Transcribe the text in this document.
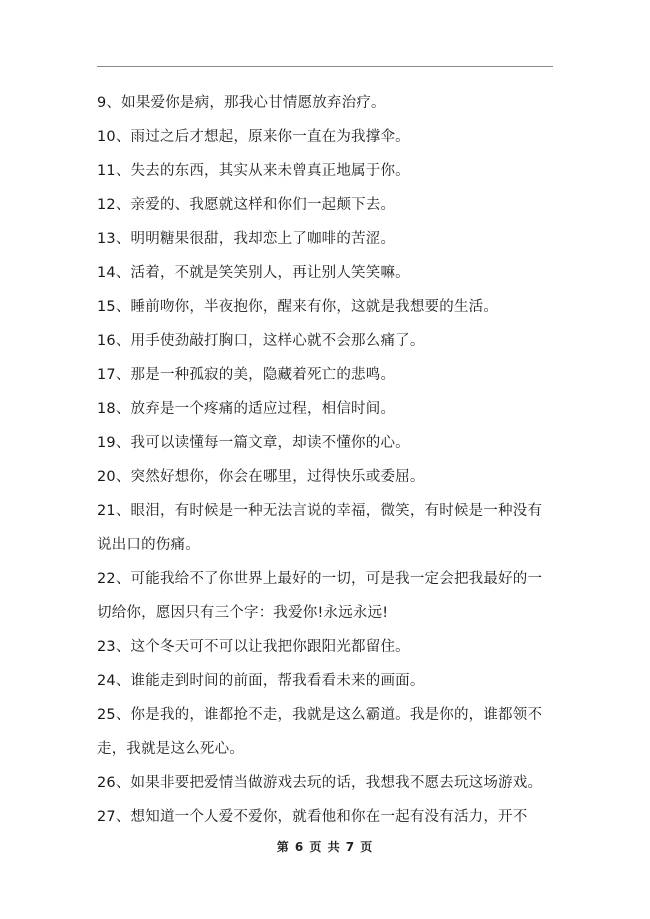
9、如果爱你是病，那我心甘情愿放弃治疗。
10、雨过之后才想起，原来你一直在为我撑伞。
11、失去的东西，其实从来未曾真正地属于你。
12、亲爱的、我愿就这样和你们一起颠下去。
13、明明糖果很甜，我却恋上了咖啡的苦涩。
14、活着，不就是笑笑别人，再让别人笑笑嘛。
15、睡前吻你，半夜抱你，醒来有你，这就是我想要的生活。
16、用手使劲敲打胸口，这样心就不会那么痛了。
17、那是一种孤寂的美，隐藏着死亡的悲鸣。
18、放弃是一个疼痛的适应过程，相信时间。
19、我可以读懂每一篇文章，却读不懂你的心。
20、突然好想你，你会在哪里，过得快乐或委屈。
21、眼泪，有时候是一种无法言说的幸福，微笑，有时候是一种没有说出口的伤痛。
22、可能我给不了你世界上最好的一切，可是我一定会把我最好的一切给你，愿因只有三个字：我爱你!永远永远!
23、这个冬天可不可以让我把你跟阳光都留住。
24、谁能走到时间的前面，帮我看看未来的画面。
25、你是我的，谁都抢不走，我就是这么霸道。我是你的，谁都领不走，我就是这么死心。
26、如果非要把爱情当做游戏去玩的话，我想我不愿去玩这场游戏。
27、想知道一个人爱不爱你，就看他和你在一起有没有活力，开不
第 6 页 共 7 页
